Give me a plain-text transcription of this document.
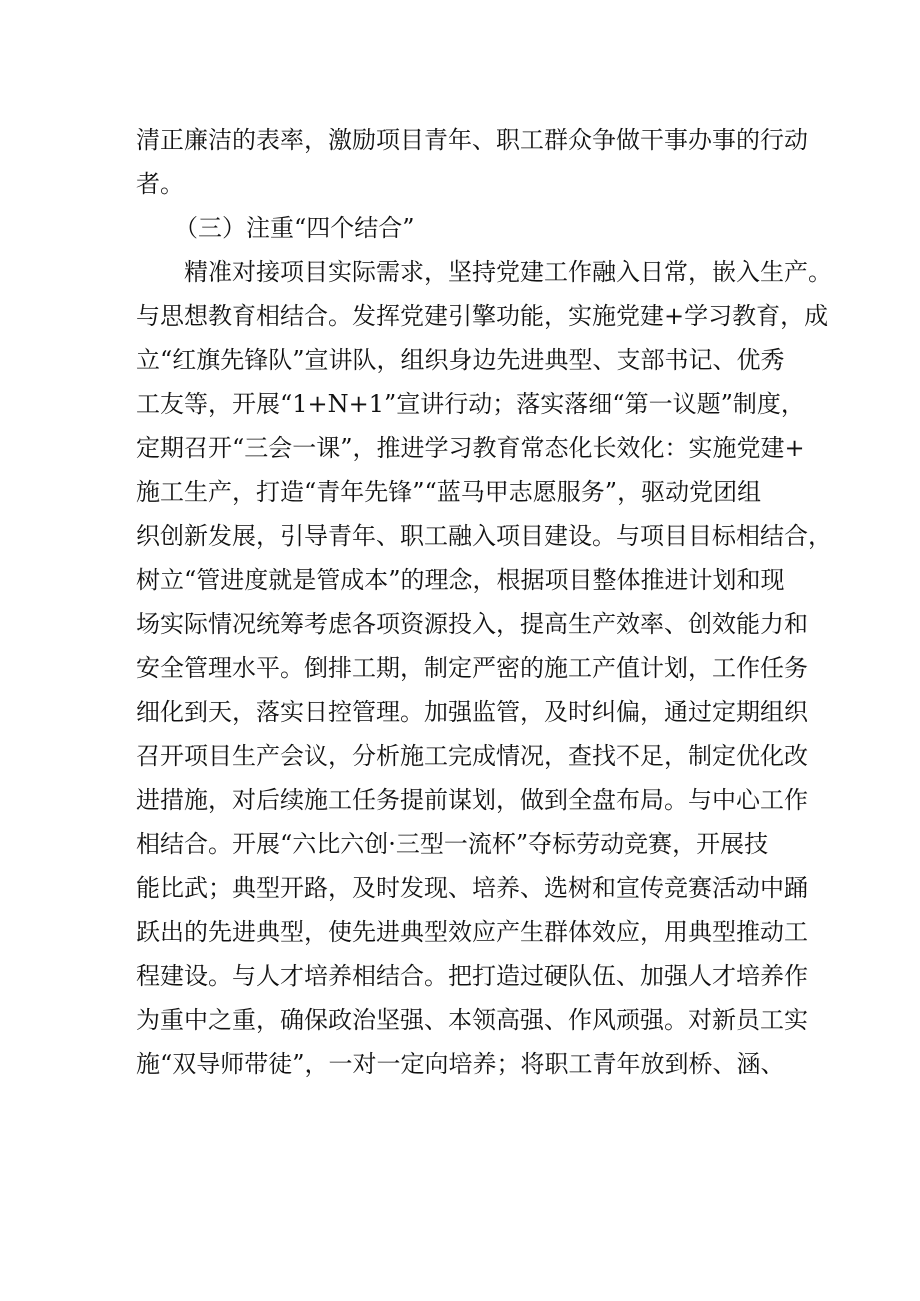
清正廉洁的表率，激励项目青年、职工群众争做干事办事的行动
者。
（三）注重“四个结合”
精准对接项目实际需求，坚持党建工作融入日常，嵌入生产。
与思想教育相结合。发挥党建引擎功能，实施党建+学习教育，成
立“红旗先锋队”宣讲队，组织身边先进典型、支部书记、优秀
工友等，开展“1+N+1”宣讲行动；落实落细“第一议题”制度，
定期召开“三会一课”，推进学习教育常态化长效化：实施党建+
施工生产，打造“青年先锋”“蓝马甲志愿服务”，驱动党团组
织创新发展，引导青年、职工融入项目建设。与项目目标相结合，
树立“管进度就是管成本”的理念，根据项目整体推进计划和现
场实际情况统筹考虑各项资源投入，提高生产效率、创效能力和
安全管理水平。倒排工期，制定严密的施工产值计划，工作任务
细化到天，落实日控管理。加强监管，及时纠偏，通过定期组织
召开项目生产会议，分析施工完成情况，查找不足，制定优化改
进措施，对后续施工任务提前谋划，做到全盘布局。与中心工作
相结合。开展“六比六创·三型一流杯”夺标劳动竞赛，开展技
能比武；典型开路，及时发现、培养、选树和宣传竞赛活动中踊
跃出的先进典型，使先进典型效应产生群体效应，用典型推动工
程建设。与人才培养相结合。把打造过硬队伍、加强人才培养作
为重中之重，确保政治坚强、本领高强、作风顽强。对新员工实
施“双导师带徒”，一对一定向培养；将职工青年放到桥、涵、
